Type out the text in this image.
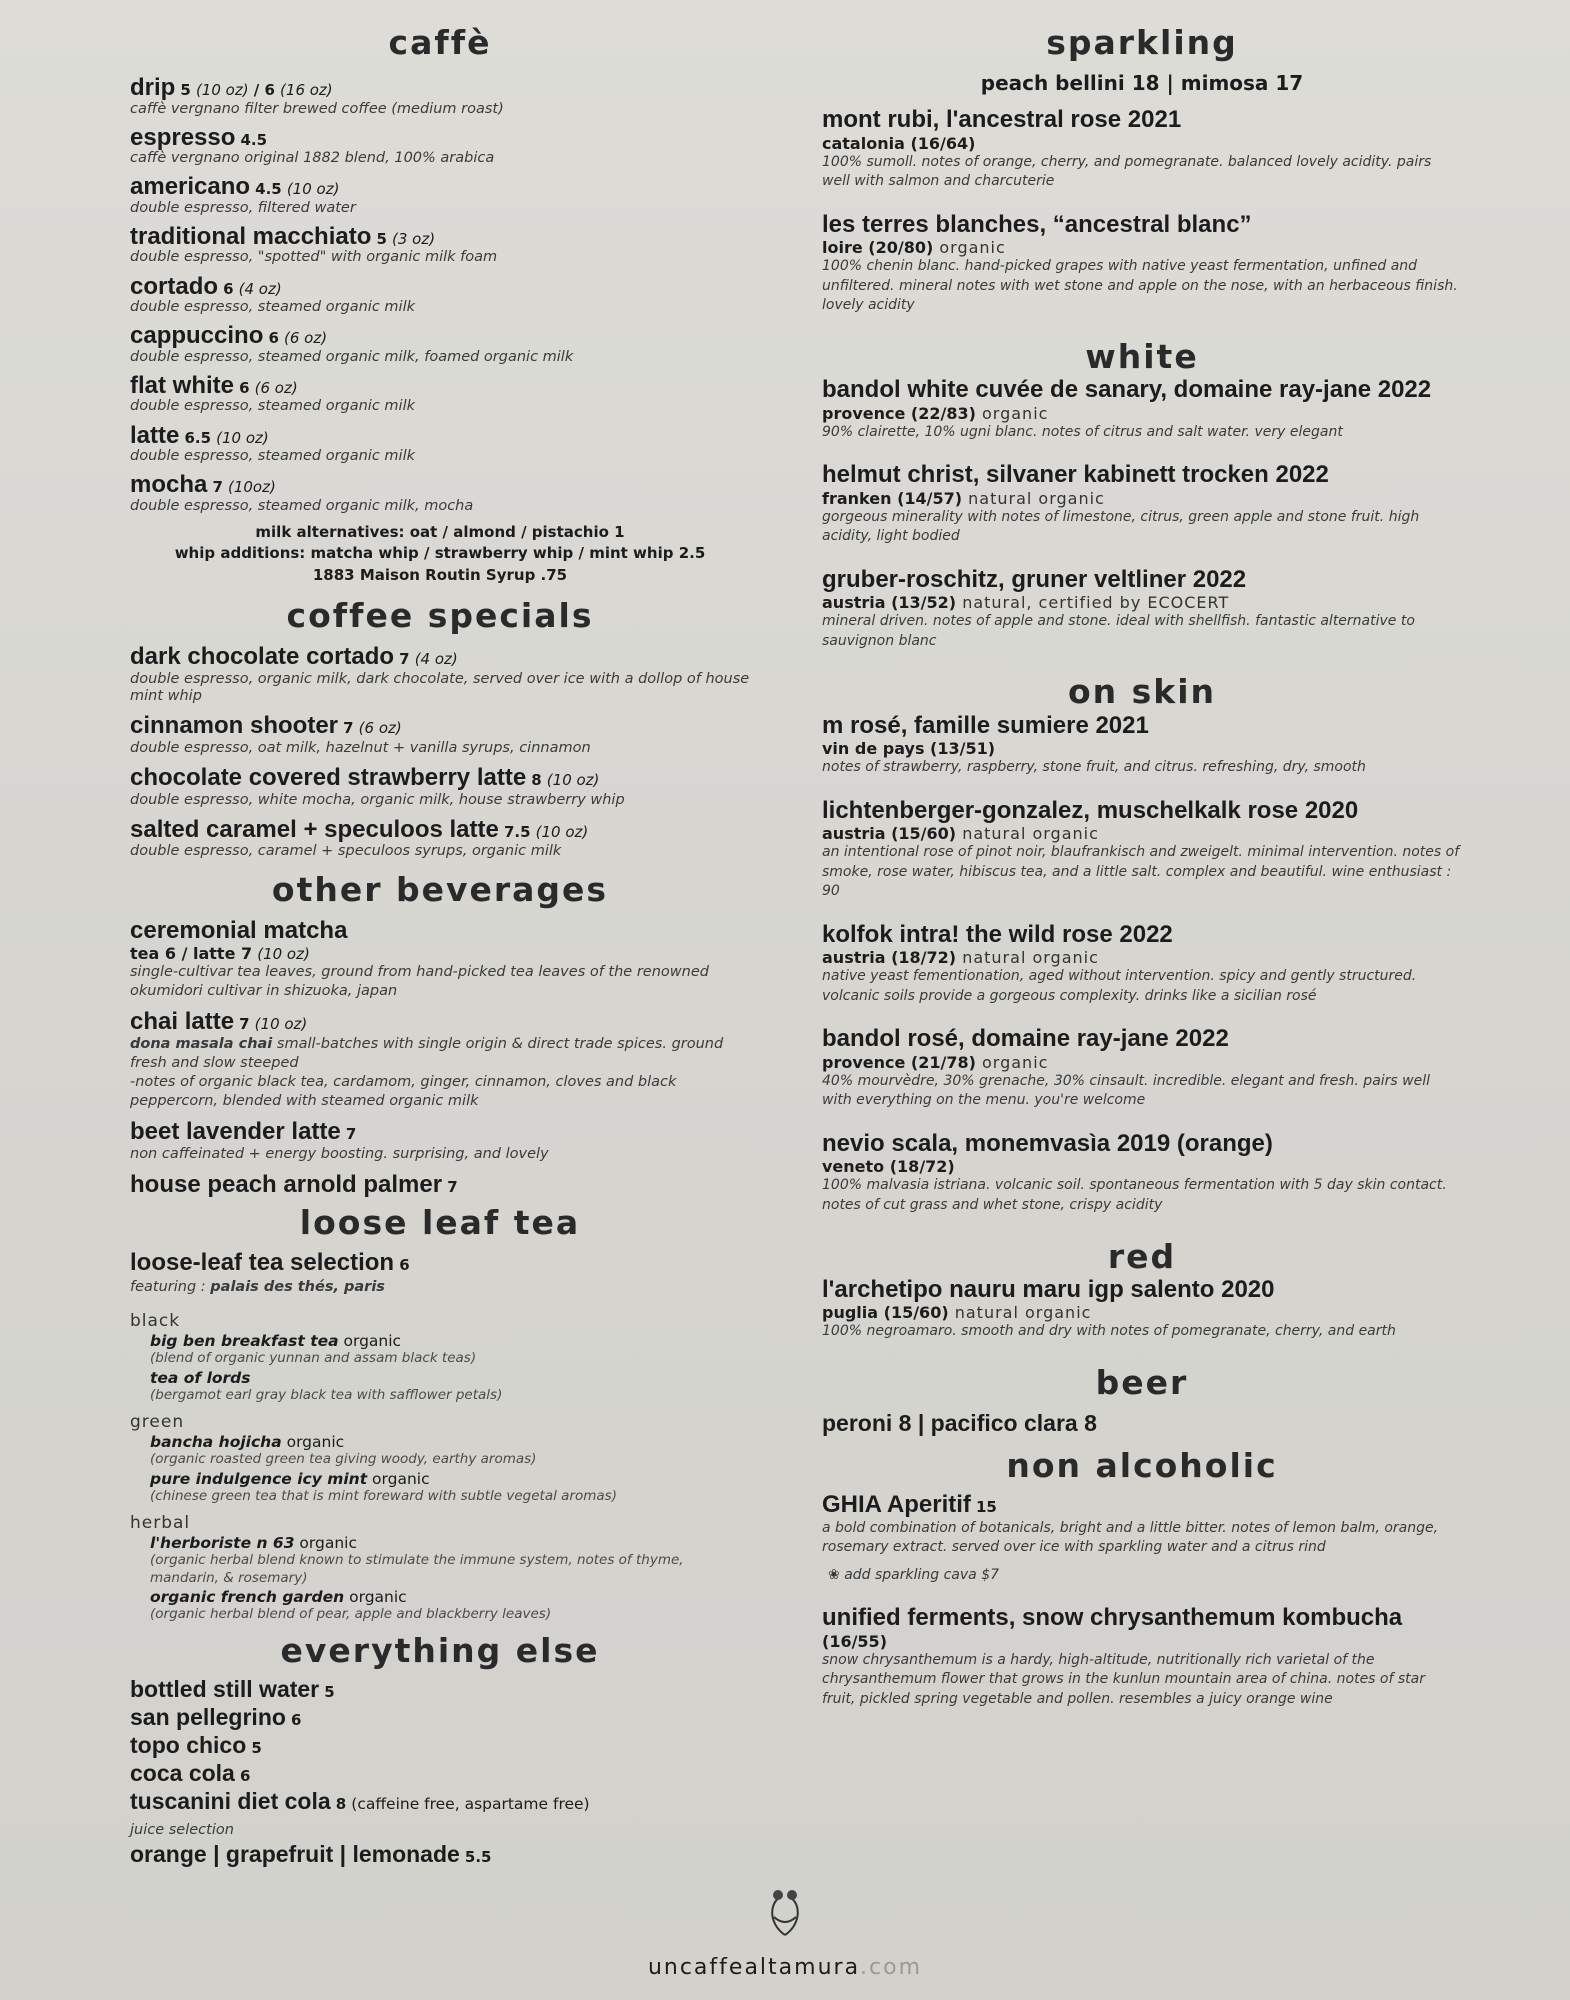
caffè
drip 5 (10 oz) / 6 (16 oz)
caffè vergnano filter brewed coffee (medium roast)
espresso 4.5
caffè vergnano original 1882 blend, 100% arabica
americano 4.5 (10 oz)
double espresso, filtered water
traditional macchiato 5 (3 oz)
double espresso, "spotted" with organic milk foam
cortado 6 (4 oz)
double espresso, steamed organic milk
cappuccino 6 (6 oz)
double espresso, steamed organic milk, foamed organic milk
flat white 6 (6 oz)
double espresso, steamed organic milk
latte 6.5 (10 oz)
double espresso, steamed organic milk
mocha 7 (10oz)
double espresso, steamed organic milk, mocha
milk alternatives: oat / almond / pistachio 1
whip additions: matcha whip / strawberry whip / mint whip 2.5
1883 Maison Routin Syrup .75
coffee specials
dark chocolate cortado 7 (4 oz)
double espresso, organic milk, dark chocolate, served over ice with a dollop of house mint whip
cinnamon shooter 7 (6 oz)
double espresso, oat milk, hazelnut + vanilla syrups, cinnamon
chocolate covered strawberry latte 8 (10 oz)
double espresso, white mocha, organic milk, house strawberry whip
salted caramel + speculoos latte 7.5 (10 oz)
double espresso, caramel + speculoos syrups, organic milk
other beverages
ceremonial matcha
tea 6 / latte 7 (10 oz)
single-cultivar tea leaves, ground from hand-picked tea leaves of the renowned okumidori cultivar in shizuoka, japan
chai latte 7 (10 oz)
dona masala chai small-batches with single origin & direct trade spices. ground fresh and slow steeped
-notes of organic black tea, cardamom, ginger, cinnamon, cloves and black peppercorn, blended with steamed organic milk
beet lavender latte 7
non caffeinated + energy boosting. surprising, and lovely
house peach arnold palmer 7
loose leaf tea
loose-leaf tea selection 6
featuring : palais des thés, paris
black
big ben breakfast tea organic
(blend of organic yunnan and assam black teas)
tea of lords
(bergamot earl gray black tea with safflower petals)
green
bancha hojicha organic
(organic roasted green tea giving woody, earthy aromas)
pure indulgence icy mint organic
(chinese green tea that is mint foreward with subtle vegetal aromas)
herbal
l'herboriste n 63 organic
(organic herbal blend known to stimulate the immune system, notes of thyme, mandarin, & rosemary)
organic french garden organic
(organic herbal blend of pear, apple and blackberry leaves)
everything else
bottled still water 5
san pellegrino 6
topo chico 5
coca cola 6
tuscanini diet cola 8 (caffeine free, aspartame free)
juice selection
orange | grapefruit | lemonade 5.5
sparkling
peach bellini 18 | mimosa 17
mont rubi, l'ancestral rose 2021
catalonia (16/64)
100% sumoll. notes of orange, cherry, and pomegranate. balanced lovely acidity. pairs well with salmon and charcuterie
les terres blanches, “ancestral blanc”
loire (20/80) organic
100% chenin blanc. hand-picked grapes with native yeast fermentation, unfined and unfiltered. mineral notes with wet stone and apple on the nose, with an herbaceous finish. lovely acidity
white
bandol white cuvée de sanary, domaine ray-jane 2022
provence (22/83) organic
90% clairette, 10% ugni blanc. notes of citrus and salt water. very elegant
helmut christ, silvaner kabinett trocken 2022
franken (14/57) natural organic
gorgeous minerality with notes of limestone, citrus, green apple and stone fruit. high acidity, light bodied
gruber-roschitz, gruner veltliner 2022
austria (13/52) natural, certified by ECOCERT
mineral driven. notes of apple and stone. ideal with shellfish. fantastic alternative to sauvignon blanc
on skin
m rosé, famille sumiere 2021
vin de pays (13/51)
notes of strawberry, raspberry, stone fruit, and citrus. refreshing, dry, smooth
lichtenberger-gonzalez, muschelkalk rose 2020
austria (15/60) natural organic
an intentional rose of pinot noir, blaufrankisch and zweigelt. minimal intervention. notes of smoke, rose water, hibiscus tea, and a little salt. complex and beautiful. wine enthusiast : 90
kolfok intra! the wild rose 2022
austria (18/72) natural organic
native yeast fementionation, aged without intervention. spicy and gently structured. volcanic soils provide a gorgeous complexity. drinks like a sicilian rosé
bandol rosé, domaine ray-jane 2022
provence (21/78) organic
40% mourvèdre, 30% grenache, 30% cinsault. incredible. elegant and fresh. pairs well with everything on the menu. you're welcome
nevio scala, monemvasìa 2019 (orange)
veneto (18/72)
100% malvasia istriana. volcanic soil. spontaneous fermentation with 5 day skin contact. notes of cut grass and whet stone, crispy acidity
red
l'archetipo nauru maru igp salento 2020
puglia (15/60) natural organic
100% negroamaro. smooth and dry with notes of pomegranate, cherry, and earth
beer
peroni 8 | pacifico clara 8
non alcoholic
GHIA Aperitif 15
a bold combination of botanicals, bright and a little bitter. notes of lemon balm, orange, rosemary extract. served over ice with sparkling water and a citrus rind
❀ add sparkling cava $7
unified ferments, snow chrysanthemum kombucha (16/55)
snow chrysanthemum is a hardy, high-altitude, nutritionally rich varietal of the chrysanthemum flower that grows in the kunlun mountain area of china. notes of star fruit, pickled spring vegetable and pollen. resembles a juicy orange wine
uncaffealtamura.com
